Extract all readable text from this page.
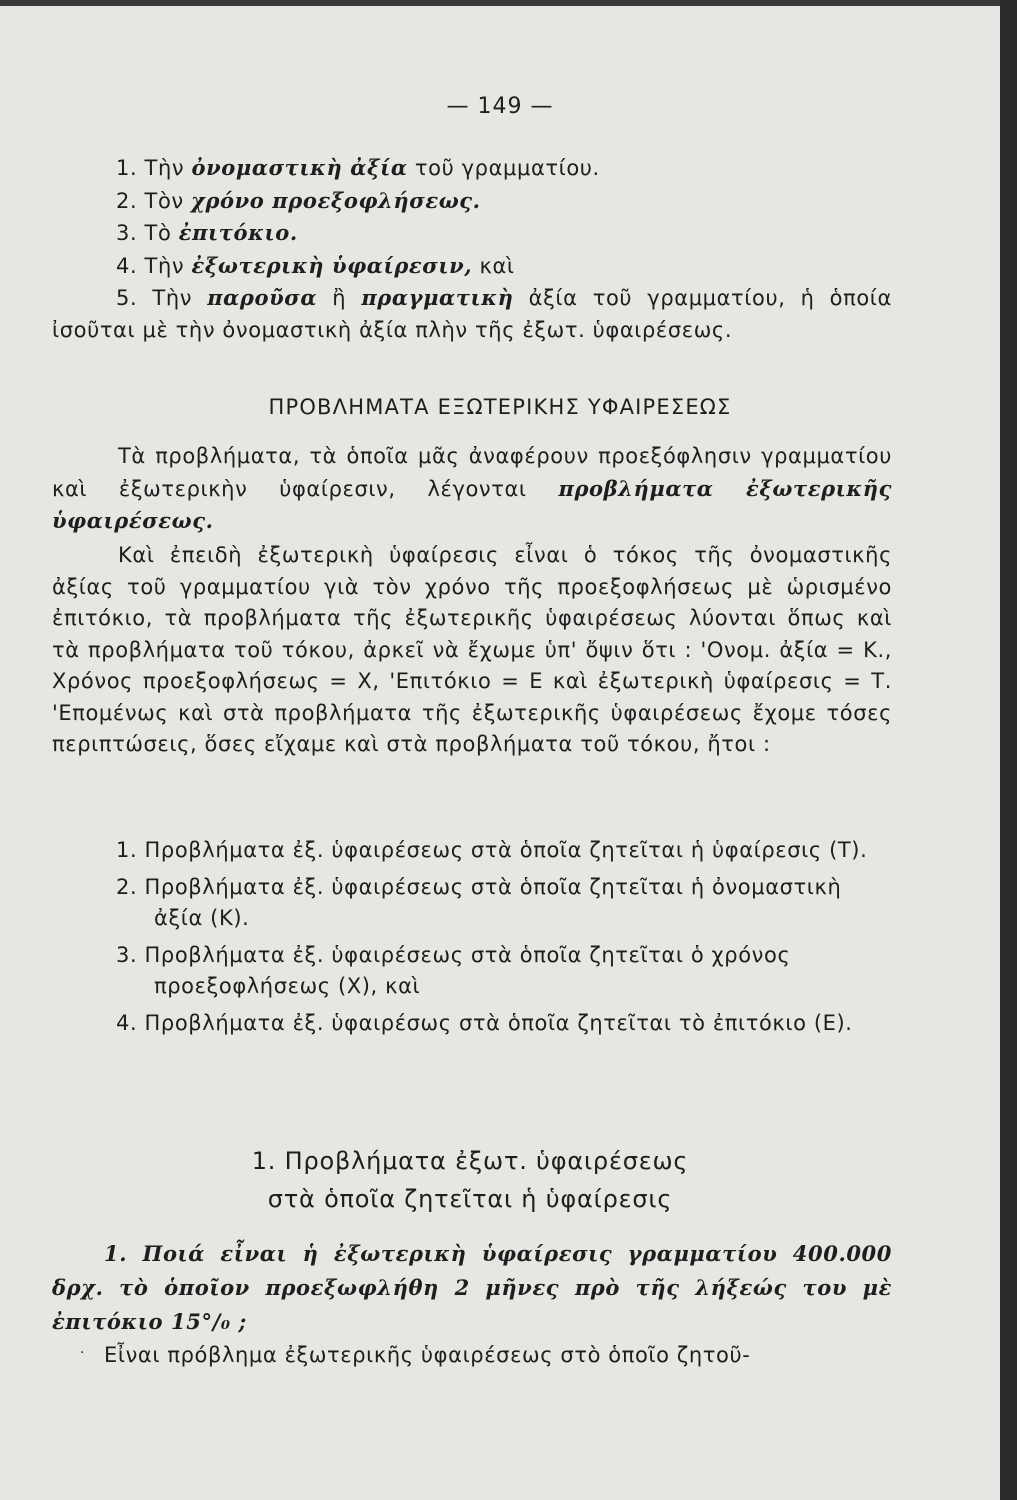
— 149 —

1. Τὴν ὀνομαστικὴ ἀξία τοῦ γραμματίου.

2. Τὸν χρόνο προεξοφλήσεως.

3. Τὸ ἐπιτόκιο.

4. Τὴν ἐξωτερικὴ ὑφαίρεσιν, καὶ

5. Τὴν παροῦσα ἢ πραγματικὴ ἀξία τοῦ γραμματίου, ἡ ὁποία ἰσοῦται μὲ τὴν ὀνομαστικὴ ἀξία πλὴν τῆς ἐξωτ. ὑφαιρέσεως.

ΠΡΟΒΛΗΜΑΤΑ ΕΞΩΤΕΡΙΚΗΣ ΥΦΑΙΡΕΣΕΩΣ

Τὰ προβλήματα, τὰ ὁποῖα μᾶς ἀναφέρουν προεξόφλησιν γραμματίου καὶ ἐξωτερικὴν ὑφαίρεσιν, λέγονται προβλήματα ἐξωτερικῆς ὑφαιρέσεως.

Καὶ ἐπειδὴ ἐξωτερικὴ ὑφαίρεσις εἶναι ὁ τόκος τῆς ὀνομαστικῆς ἀξίας τοῦ γραμματίου γιὰ τὸν χρόνο τῆς προεξοφλήσεως μὲ ὡρισμένο ἐπιτόκιο, τὰ προβλήματα τῆς ἐξωτερικῆς ὑφαιρέσεως λύονται ὅπως καὶ τὰ προβλήματα τοῦ τόκου, ἀρκεῖ νὰ ἔχωμε ὑπ' ὄψιν ὅτι : 'Ονομ. ἀξία = Κ., Χρόνος προεξοφλήσεως = Χ, 'Επιτόκιο = Ε καὶ ἐξωτερικὴ ὑφαίρεσις = Τ. 'Επομένως καὶ στὰ προβλήματα τῆς ἐξωτερικῆς ὑφαιρέσεως ἔχομε τόσες περιπτώσεις, ὅσες εἴχαμε καὶ στὰ προβλήματα τοῦ τόκου, ἤτοι :

1. Προβλήματα ἐξ. ὑφαιρέσεως στὰ ὁποῖα ζητεῖται ἡ ὑφαίρεσις (Τ).

2. Προβλήματα ἐξ. ὑφαιρέσεως στὰ ὁποῖα ζητεῖται ἡ ὀνομαστικὴ ἀξία (Κ).

3. Προβλήματα ἐξ. ὑφαιρέσεως στὰ ὁποῖα ζητεῖται ὁ χρόνος προεξοφλήσεως (Χ), καὶ

4. Προβλήματα ἐξ. ὑφαιρέσως στὰ ὁποῖα ζητεῖται τὸ ἐπιτόκιο (Ε).

1. Προβλήματα ἐξωτ. ὑφαιρέσεως
στὰ ὁποῖα ζητεῖται ἡ ὑφαίρεσις

1. Ποιά εἶναι ἡ ἐξωτερικὴ ὑφαίρεσις γραμματίου 400.000 δρχ. τὸ ὁποῖον προεξωφλήθη 2 μῆνες πρὸ τῆς λήξεώς του μὲ ἐπιτόκιο 15°/₀ ;

· Εἶναι πρόβλημα ἐξωτερικῆς ὑφαιρέσεως στὸ ὁποῖο ζητοῦ-
